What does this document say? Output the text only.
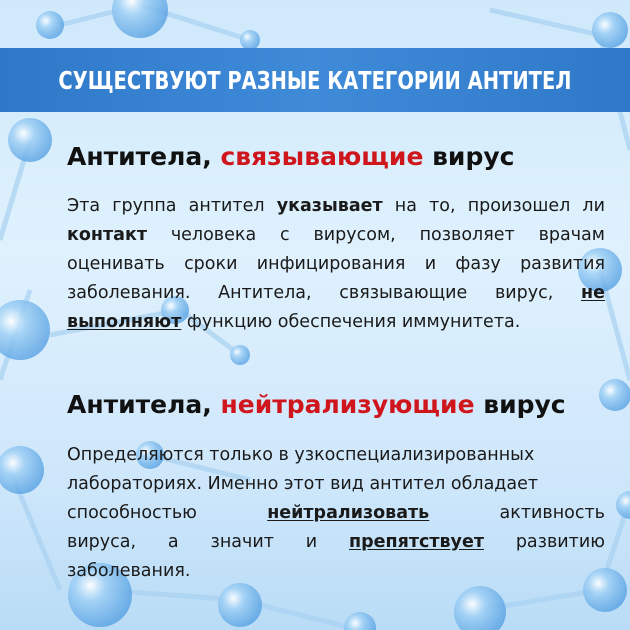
СУЩЕСТВУЮТ РАЗНЫЕ КАТЕГОРИИ АНТИТЕЛ
Антитела, связывающие вирус

Эта группа антител указывает на то, произошел ли контакт человека с вирусом, позволяет врачам оценивать сроки инфицирования и фазу развития заболевания. Антитела, связывающие вирус, не выполняют функцию обеспечения иммунитета.

Антитела, нейтрализующие вирус
Определяются только в узкоспециализированных
лабораториях. Именно этот вид антител обладает
способностью	нейтрализовать	активность
вируса, а значит и препятствует развитию
заболевания.
